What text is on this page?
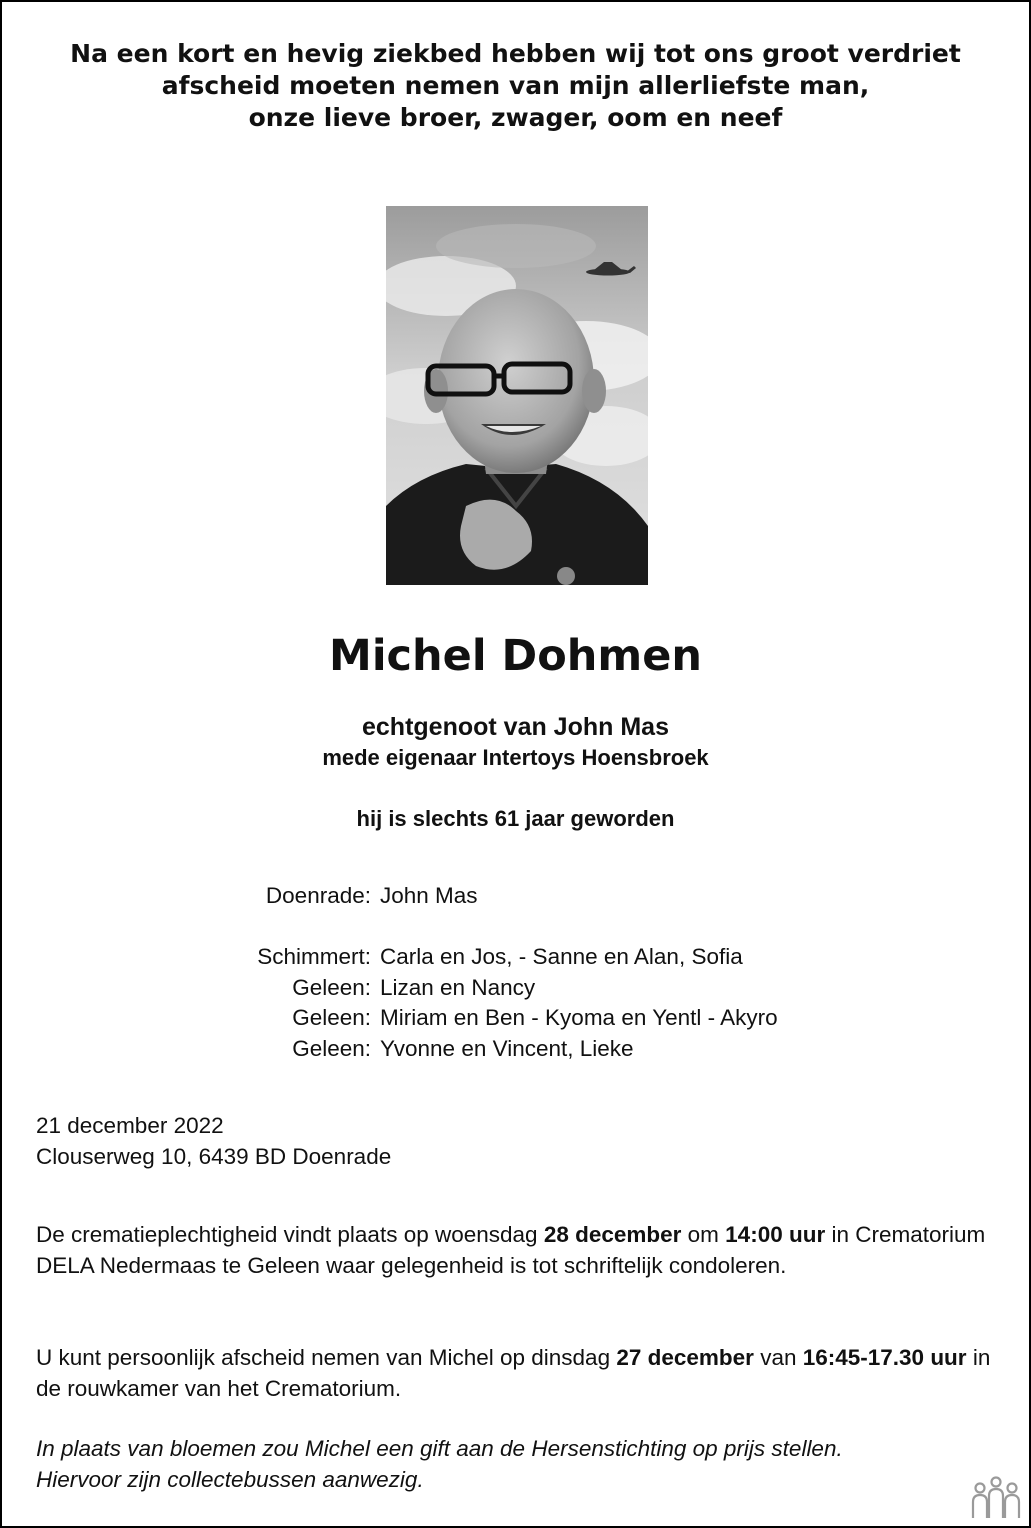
Na een kort en hevig ziekbed hebben wij tot ons groot verdriet
afscheid moeten nemen van mijn allerliefste man,
onze lieve broer, zwager, oom en neef
Michel Dohmen
echtgenoot van John Mas
mede eigenaar Intertoys Hoensbroek
hij is slechts 61 jaar geworden
Doenrade: John Mas
Schimmert: Carla en Jos, - Sanne en Alan, Sofia
Geleen: Lizan en Nancy
Geleen: Miriam en Ben - Kyoma en Yentl - Akyro
Geleen: Yvonne en Vincent, Lieke
21 december 2022
Clouserweg 10, 6439 BD Doenrade
De crematieplechtigheid vindt plaats op woensdag 28 december om 14:00 uur in Crematorium DELA Nedermaas te Geleen waar gelegenheid is tot schriftelijk condoleren.
U kunt persoonlijk afscheid nemen van Michel op dinsdag 27 december van 16:45-17.30 uur in de rouwkamer van het Crematorium.
In plaats van bloemen zou Michel een gift aan de Hersenstichting op prijs stellen.
Hiervoor zijn collectebussen aanwezig.
